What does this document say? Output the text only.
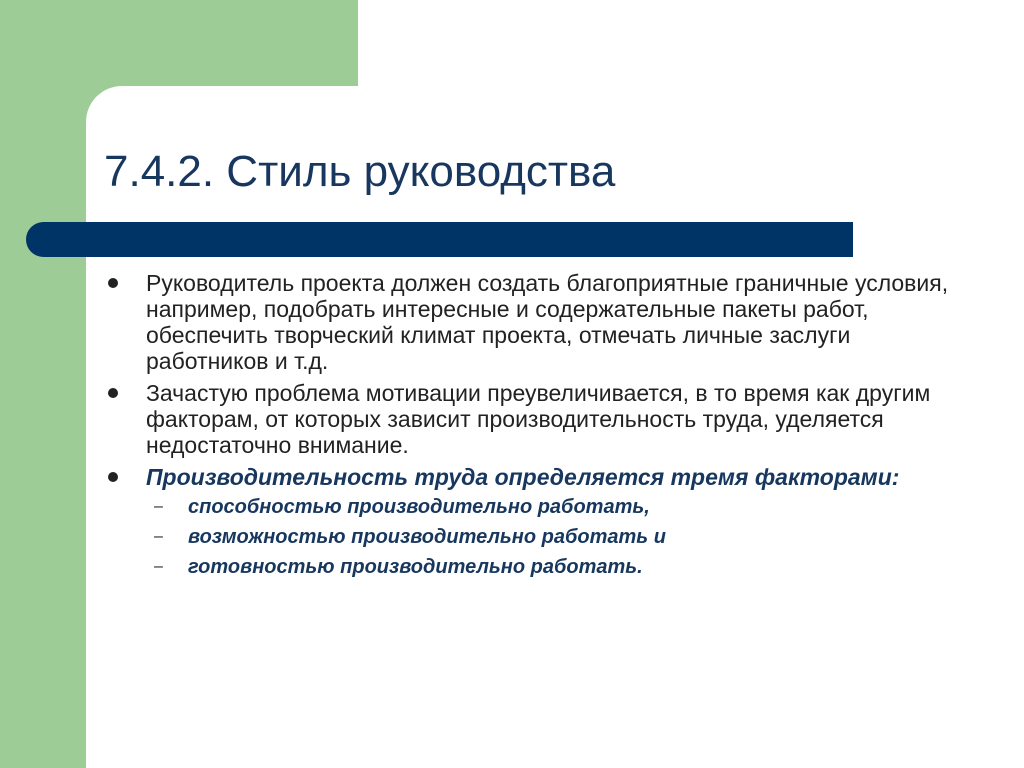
7.4.2. Стиль руководства
Руководитель проекта должен создать благоприятные граничные условия, например, подобрать интересные и содержательные пакеты работ, обеспечить творческий климат проекта, отмечать личные заслуги работников и т.д.
Зачастую проблема мотивации преувеличивается, в то время как другим факторам, от которых зависит производительность труда, уделяется недостаточно внимание.
Производительность труда определяется тремя факторами:
– способностью производительно работать,
– возможностью производительно работать и
– готовностью производительно работать.
